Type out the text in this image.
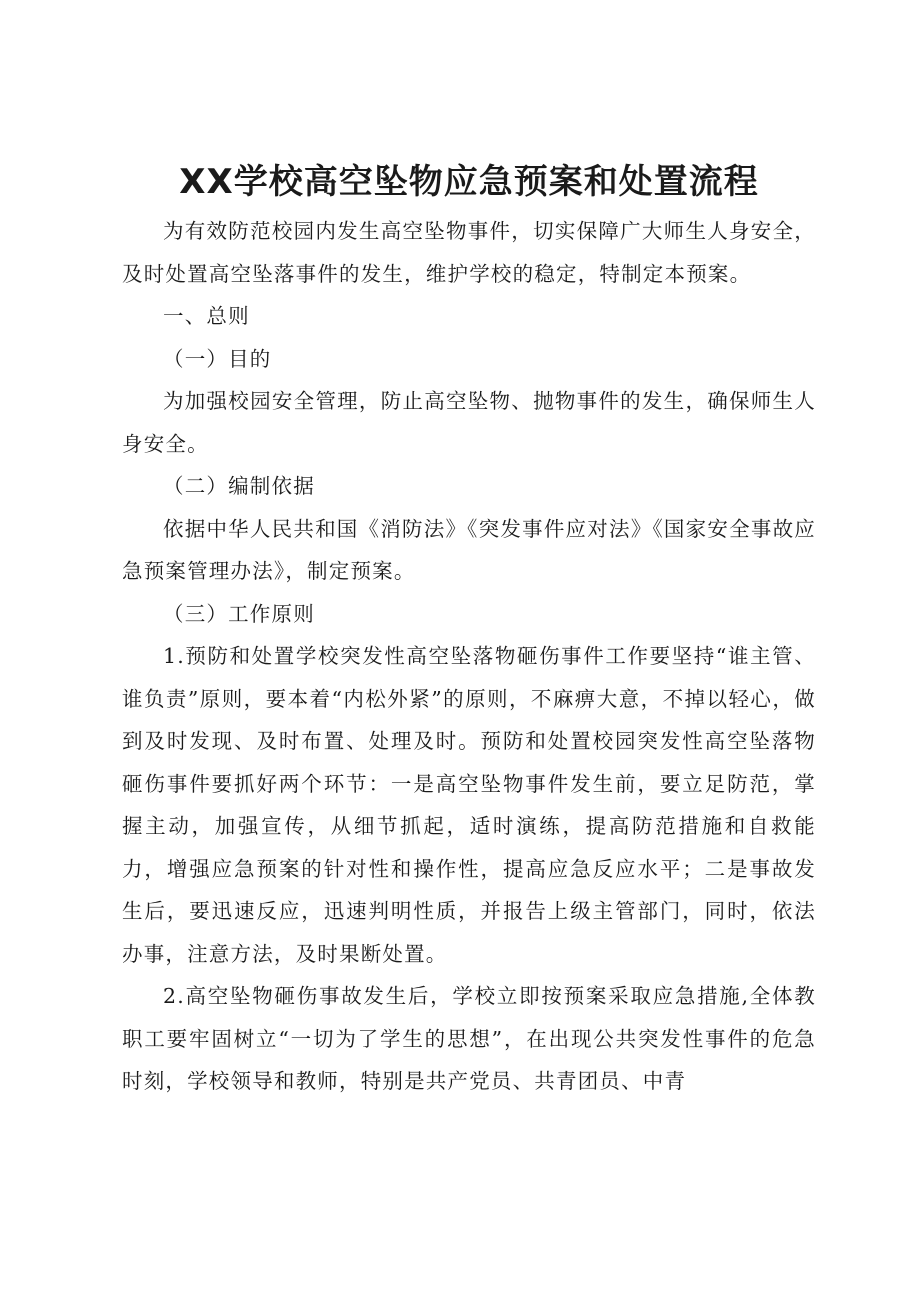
XX学校高空坠物应急预案和处置流程

为有效防范校园内发生高空坠物事件，切实保障广大师生人身安全，及时处置高空坠落事件的发生，维护学校的稳定，特制定本预案。

一、总则

（一）目的

为加强校园安全管理，防止高空坠物、抛物事件的发生，确保师生人身安全。

（二）编制依据

依据中华人民共和国《消防法》《突发事件应对法》《国家安全事故应急预案管理办法》，制定预案。

（三）工作原则

1.预防和处置学校突发性高空坠落物砸伤事件工作要坚持“谁主管、谁负责”原则，要本着“内松外紧”的原则，不麻痹大意，不掉以轻心，做到及时发现、及时布置、处理及时。预防和处置校园突发性高空坠落物砸伤事件要抓好两个环节：一是高空坠物事件发生前，要立足防范，掌握主动，加强宣传，从细节抓起，适时演练，提高防范措施和自救能力，增强应急预案的针对性和操作性，提高应急反应水平；二是事故发生后，要迅速反应，迅速判明性质，并报告上级主管部门，同时，依法办事，注意方法，及时果断处置。

2.高空坠物砸伤事故发生后，学校立即按预案采取应急措施,全体教职工要牢固树立“一切为了学生的思想”，在出现公共突发性事件的危急时刻，学校领导和教师，特别是共产党员、共青团员、中青
